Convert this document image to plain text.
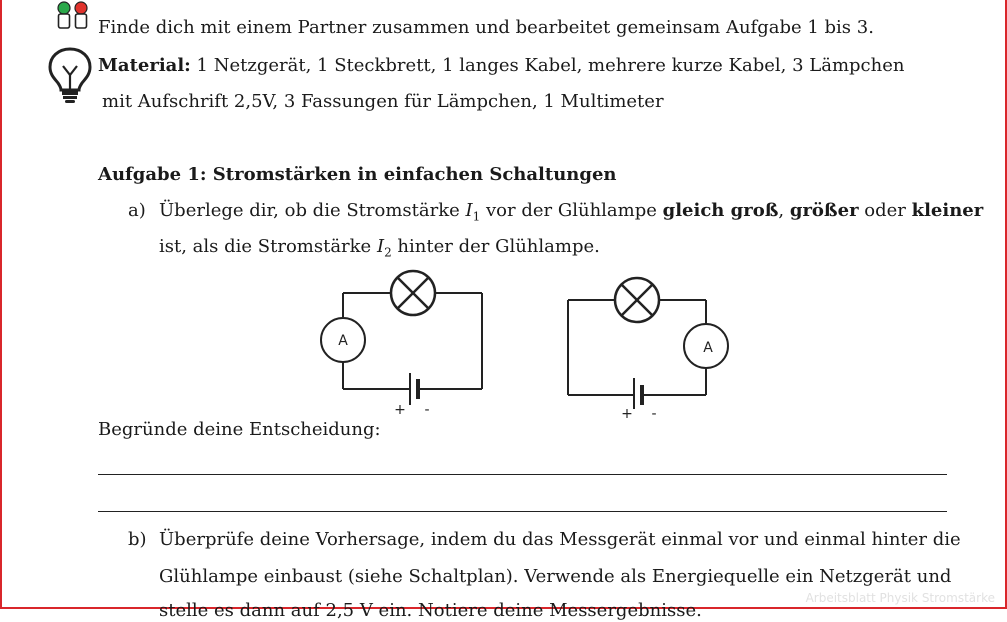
Finde dich mit einem Partner zusammen und bearbeitet gemeinsam Aufgabe 1 bis 3.
Material: 1 Netzgerät, 1 Steckbrett, 1 langes Kabel, mehrere kurze Kabel, 3 Lämpchen
mit Aufschrift 2,5V, 3 Fassungen für Lämpchen, 1 Multimeter
Aufgabe 1: Stromstärken in einfachen Schaltungen
a) Überlege dir, ob die Stromstärke $I_1$ vor der Glühlampe gleich groß, größer oder kleiner
ist, als die Stromstärke $I_2$ hinter der Glühlampe.
A
+ -
A
+ -
Begründe deine Entscheidung:
b) Überprüfe deine Vorhersage, indem du das Messgerät einmal vor und einmal hinter die
Glühlampe einbaust (siehe Schaltplan). Verwende als Energiequelle ein Netzgerät und
stelle es dann auf 2,5 V ein. Notiere deine Messergebnisse.
Arbeitsblatt Physik Stromstärke
